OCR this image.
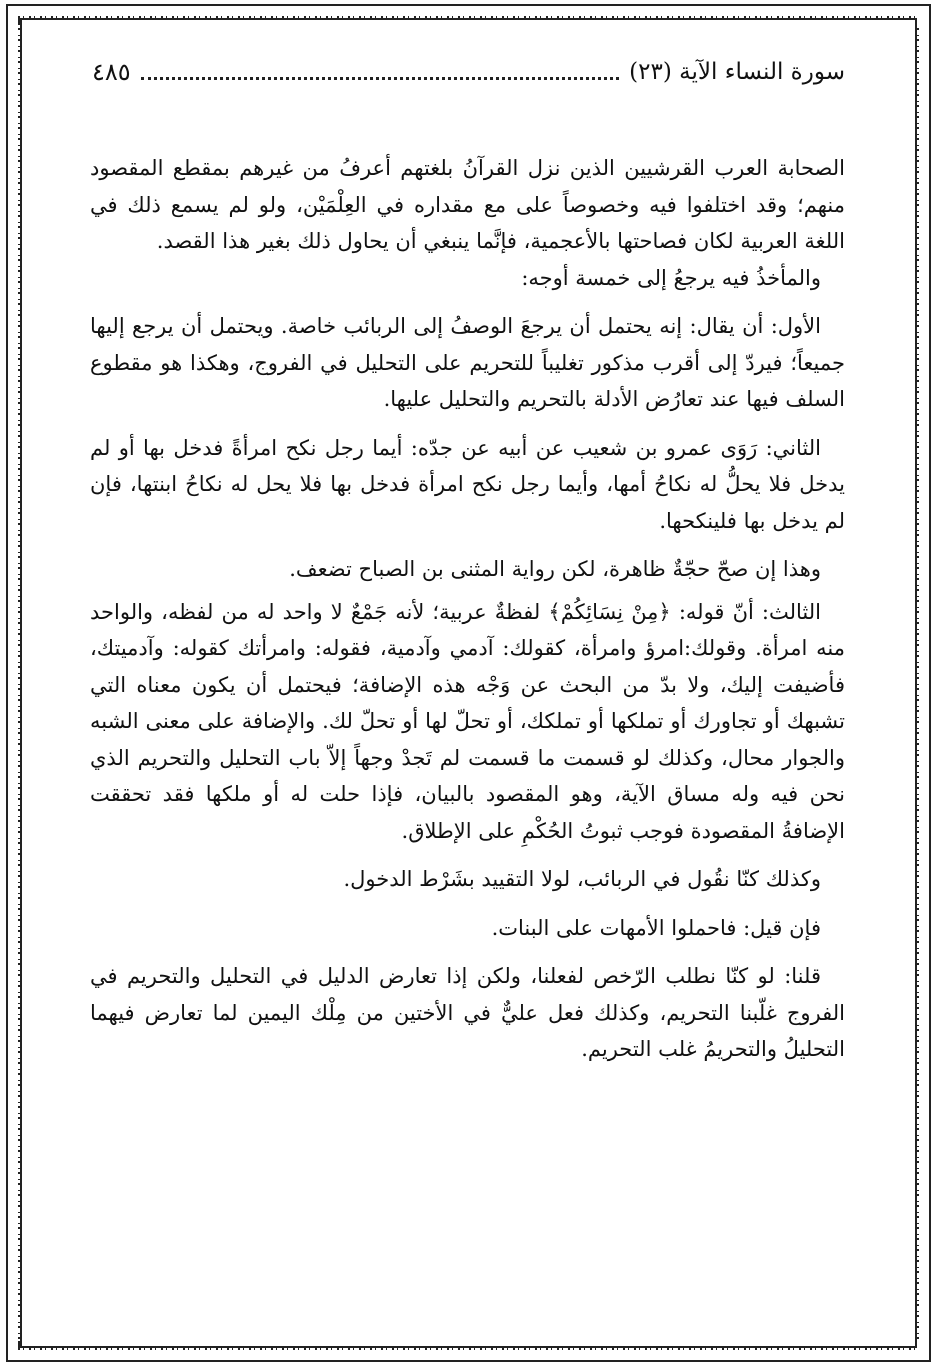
سورة النساء الآية (٢٣)
٤٨٥

الصحابة العرب القرشيين الذين نزل القرآنُ بلغتهم أعرفُ من غيرهم بمقطع المقصود منهم؛ وقد اختلفوا فيه وخصوصاً على مع مقداره في العِلْمَيْن، ولو لم يسمع ذلك في اللغة العربية لكان فصاحتها بالأعجمية، فإنَّما ينبغي أن يحاول ذلك بغير هذا القصد.

والمأخذُ فيه يرجعُ إلى خمسة أوجه:

الأول: أن يقال: إنه يحتمل أن يرجعَ الوصفُ إلى الربائب خاصة. ويحتمل أن يرجع إليها جميعاً؛ فيردّ إلى أقرب مذكور تغليباً للتحريم على التحليل في الفروج، وهكذا هو مقطوع السلف فيها عند تعارُض الأدلة بالتحريم والتحليل عليها.

الثاني: رَوَى عمرو بن شعيب عن أبيه عن جدّه: أيما رجل نكح امرأةً فدخل بها أو لم يدخل فلا يحلُّ له نكاحُ أمها، وأيما رجل نكح امرأة فدخل بها فلا يحل له نكاحُ ابنتها، فإن لم يدخل بها فلينكحها.

وهذا إن صحّ حجّةٌ ظاهرة، لكن رواية المثنى بن الصباح تضعف.

الثالث: أنّ قوله: ﴿مِنْ نِسَائِكُمْ﴾ لفظةٌ عربية؛ لأنه جَمْعٌ لا واحد له من لفظه، والواحد منه امرأة. وقولك:امرؤ وامرأة، كقولك: آدمي وآدمية، فقوله: وامرأتك كقوله: وآدميتك، فأضيفت إليك، ولا بدّ من البحث عن وَجْه هذه الإضافة؛ فيحتمل أن يكون معناه التي تشبهك أو تجاورك أو تملكها أو تملكك، أو تحلّ لها أو تحلّ لك. والإضافة على معنى الشبه والجوار محال، وكذلك لو قسمت ما قسمت لم تَجدْ وجهاً إلاّ باب التحليل والتحريم الذي نحن فيه وله مساق الآية، وهو المقصود بالبيان، فإذا حلت له أو ملكها فقد تحققت الإضافةُ المقصودة فوجب ثبوتُ الحُكْمِ على الإطلاق.

وكذلك كنّا نقُول في الربائب، لولا التقييد بشَرْط الدخول.

فإن قيل: فاحملوا الأمهات على البنات.

قلنا: لو كنّا نطلب الرّخص لفعلنا، ولكن إذا تعارض الدليل في التحليل والتحريم في الفروج غلّبنا التحريم، وكذلك فعل عليٌّ في الأختين من مِلْك اليمين لما تعارض فيهما التحليلُ والتحريمُ غلب التحريم.
